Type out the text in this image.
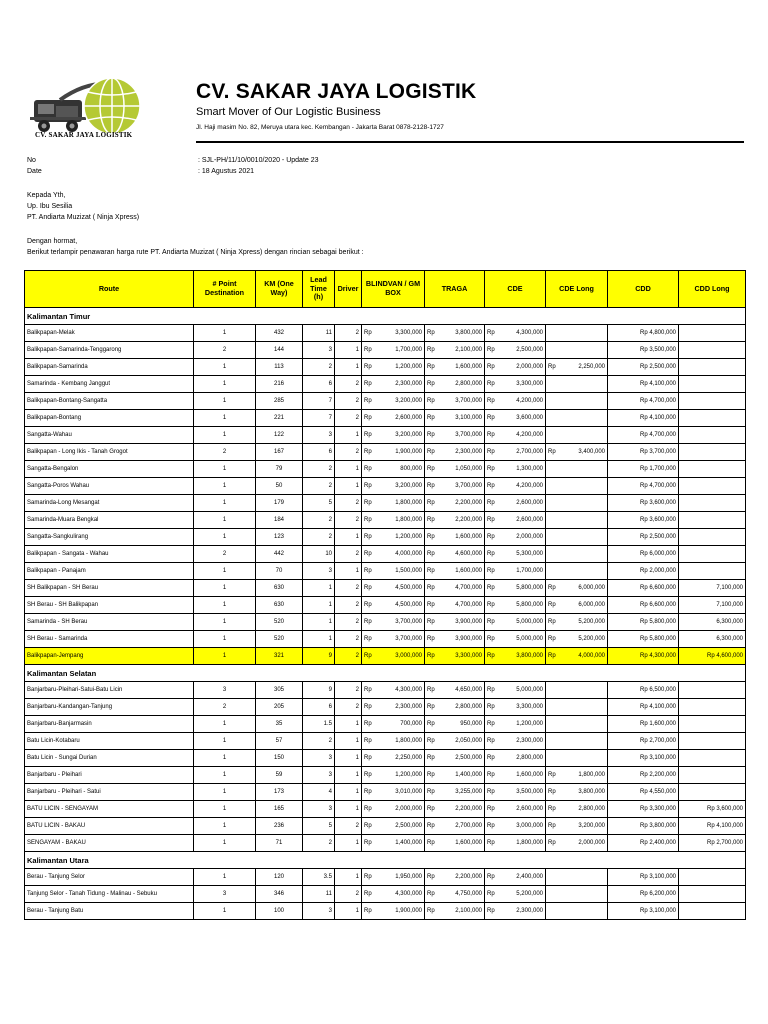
CV. SAKAR JAYA LOGISTIK
CV. SAKAR JAYA LOGISTIK
Smart Mover of Our Logistic Business
Jl. Haji masim No. 82, Meruya utara kec. Kembangan - Jakarta Barat 0878-2128-1727
No	: SJL-PH/11/10/0010/2020 - Update 23
Date	: 18 Agustus 2021
Kepada Yth,
Up. Ibu Sesilia
PT. Andiarta Muzizat ( Ninja Xpress)
Dengan hormat,
Berikut terlampir penawaran harga rute PT. Andiarta Muzizat ( Ninja Xpress) dengan rincian sebagai berikut :
Route	# Point Destination	KM (One Way)	Lead Time (h)	Driver	BLINDVAN / GM BOX		TRAGA		CDE		CDE Long		CDD	CDD Long
Kalimantan Timur														
Balikpapan-Melak	1	432	11	2	Rp	3,300,000	Rp	3,800,000	Rp	4,300,000			Rp 4,800,000	
Balikpapan-Samarinda-Tenggarong	2	144	3	1	Rp	1,700,000	Rp	2,100,000	Rp	2,500,000			Rp 3,500,000	
Balikpapan-Samarinda	1	113	2	1	Rp	1,200,000	Rp	1,600,000	Rp	2,000,000	Rp	2,250,000	Rp 2,500,000	
Samarinda - Kembang Janggut	1	216	6	2	Rp	2,300,000	Rp	2,800,000	Rp	3,300,000			Rp 4,100,000	
Balikpapan-Bontang-Sangatta	1	285	7	2	Rp	3,200,000	Rp	3,700,000	Rp	4,200,000			Rp 4,700,000	
Balikpapan-Bontang	1	221	7	2	Rp	2,600,000	Rp	3,100,000	Rp	3,600,000			Rp 4,100,000	
Sangatta-Wahau	1	122	3	1	Rp	3,200,000	Rp	3,700,000	Rp	4,200,000			Rp 4,700,000	
Balikpapan - Long Ikis - Tanah Grogot	2	167	6	2	Rp	1,900,000	Rp	2,300,000	Rp	2,700,000	Rp	3,400,000	Rp 3,700,000	
Sangatta-Bengalon	1	79	2	1	Rp	800,000	Rp	1,050,000	Rp	1,300,000			Rp 1,700,000	
Sangatta-Poros Wahau	1	50	2	1	Rp	3,200,000	Rp	3,700,000	Rp	4,200,000			Rp 4,700,000	
Samarinda-Long Mesangat	1	179	5	2	Rp	1,800,000	Rp	2,200,000	Rp	2,600,000			Rp 3,600,000	
Samarinda-Muara Bengkal	1	184	2	2	Rp	1,800,000	Rp	2,200,000	Rp	2,600,000			Rp 3,600,000	
Sangatta-Sangkulirang	1	123	2	1	Rp	1,200,000	Rp	1,600,000	Rp	2,000,000			Rp 2,500,000	
Balikpapan - Sangata - Wahau	2	442	10	2	Rp	4,000,000	Rp	4,600,000	Rp	5,300,000			Rp 6,000,000	
Balikpapan - Panajam	1	70	3	1	Rp	1,500,000	Rp	1,600,000	Rp	1,700,000			Rp 2,000,000	
SH Balikpapan - SH Berau	1	630	1	2	Rp	4,500,000	Rp	4,700,000	Rp	5,800,000	Rp	6,000,000	Rp 6,600,000	7,100,000
SH Berau - SH Balikpapan	1	630	1	2	Rp	4,500,000	Rp	4,700,000	Rp	5,800,000	Rp	6,000,000	Rp 6,600,000	7,100,000
Samarinda - SH Berau	1	520	1	2	Rp	3,700,000	Rp	3,900,000	Rp	5,000,000	Rp	5,200,000	Rp 5,800,000	6,300,000
SH Berau - Samarinda	1	520	1	2	Rp	3,700,000	Rp	3,900,000	Rp	5,000,000	Rp	5,200,000	Rp 5,800,000	6,300,000
Balikpapan-Jempang	1	321	9	2	Rp	3,000,000	Rp	3,300,000	Rp	3,800,000	Rp	4,000,000	Rp 4,300,000	Rp 4,600,000
Kalimantan Selatan														
Banjarbaru-Pleihari-Satui-Batu Licin	3	305	9	2	Rp	4,300,000	Rp	4,650,000	Rp	5,000,000			Rp 6,500,000	
Banjarbaru-Kandangan-Tanjung	2	205	6	2	Rp	2,300,000	Rp	2,800,000	Rp	3,300,000			Rp 4,100,000	
Banjarbaru-Banjarmasin	1	35	1.5	1	Rp	700,000	Rp	950,000	Rp	1,200,000			Rp 1,600,000	
Batu Licin-Kotabaru	1	57	2	1	Rp	1,800,000	Rp	2,050,000	Rp	2,300,000			Rp 2,700,000	
Batu Licin - Sungai Durian	1	150	3	1	Rp	2,250,000	Rp	2,500,000	Rp	2,800,000			Rp 3,100,000	
Banjarbaru - Pleihari	1	59	3	1	Rp	1,200,000	Rp	1,400,000	Rp	1,600,000	Rp	1,800,000	Rp 2,200,000	
Banjarbaru - Pleihari - Satui	1	173	4	1	Rp	3,010,000	Rp	3,255,000	Rp	3,500,000	Rp	3,800,000	Rp 4,550,000	
BATU LICIN - SENGAYAM	1	165	3	1	Rp	2,000,000	Rp	2,200,000	Rp	2,600,000	Rp	2,800,000	Rp 3,300,000	Rp 3,600,000
BATU LICIN - BAKAU	1	236	5	2	Rp	2,500,000	Rp	2,700,000	Rp	3,000,000	Rp	3,200,000	Rp 3,800,000	Rp 4,100,000
SENGAYAM - BAKAU	1	71	2	1	Rp	1,400,000	Rp	1,600,000	Rp	1,800,000	Rp	2,000,000	Rp 2,400,000	Rp 2,700,000
Kalimantan Utara														
Berau - Tanjung Selor	1	120	3.5	1	Rp	1,950,000	Rp	2,200,000	Rp	2,400,000			Rp 3,100,000	
Tanjung Selor - Tanah Tidung - Malinau - Sebuku	3	346	11	2	Rp	4,300,000	Rp	4,750,000	Rp	5,200,000			Rp 6,200,000	
Berau - Tanjung Batu	1	100	3	1	Rp	1,900,000	Rp	2,100,000	Rp	2,300,000			Rp 3,100,000	
